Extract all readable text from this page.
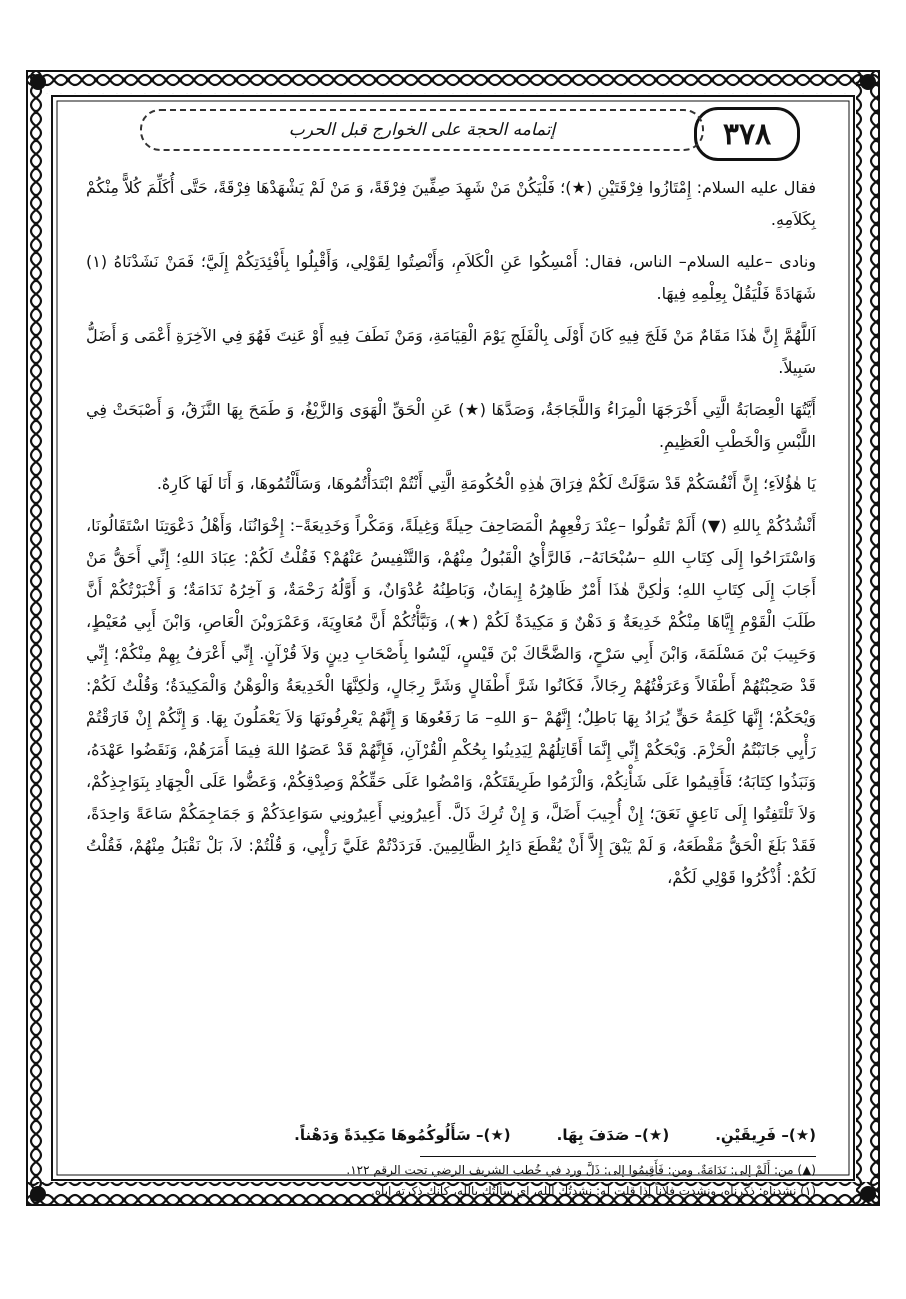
٣٧٨
إتمامه الحجة على الخوارج قبل الحرب

فقال عليه السلام: إِمْتَازُوا فِرْقَتَيْنِ (★)؛ فَلْيَكُنْ مَنْ شَهِدَ صِفِّينَ فِرْقَةً، وَ مَنْ لَمْ يَشْهَدْهَا فِرْقَةً، حَتَّى أُكَلِّمَ كُلاًّ مِنْكُمْ بِكَلاَمِهِ.

ونادى –عليه السلام– الناس، فقال: أَمْسِكُوا عَنِ الْكَلاَمِ، وَأَنْصِتُوا لِقَوْلِي، وَأَقْبِلُوا بِأَفْئِدَتِكُمْ إِلَيَّ؛ فَمَنْ نَشَدْنَاهُ (١) شَهَادَةً فَلْيَقُلْ بِعِلْمِهِ فِيهَا.

اَللَّهُمَّ إِنَّ هٰذَا مَقَامٌ مَنْ فَلَجَ فِيهِ كَانَ أَوْلَى بِالْفَلَجِ يَوْمَ الْقِيَامَةِ، وَمَنْ نَطَفَ فِيهِ أَوْ عَنِتَ فَهُوَ فِي الآخِرَةِ أَعْمَى وَ أَضَلُّ سَبِيلاً.

أَيَّتُهَا الْعِصَابَةُ الَّتِي أَخْرَجَهَا الْمِرَاءُ وَاللَّجَاجَةُ، وَصَدَّهَا (★) عَنِ الْحَقِّ الْهَوَى وَالزَّيْغُ، وَ طَمَحَ بِهَا النَّزَقُ، وَ أَصْبَحَتْ فِي اللَّبْسِ وَالْخَطْبِ الْعَظِيمِ.

يَا هٰؤُلاَءِ؛ إِنَّ أَنْفُسَكُمْ قَدْ سَوَّلَتْ لَكُمْ فِرَاقَ هٰذِهِ الْحُكُومَةِ الَّتِي أَنْتُمْ ابْتَدَأْتُمُوهَا، وَسَأَلْتُمُوهَا، وَ أَنَا لَهَا كَارِهٌ.

أَنْشُدُكُمْ بِاللهِ (▼) أَلَمْ تَقُولُوا –عِنْدَ رَفْعِهِمُ الْمَصَاحِفَ حِيلَةً وَغِيلَةً، وَمَكْراً وَخَدِيعَةً–: إِخْوَانُنَا، وَأَهْلُ دَعْوَتِنَا اسْتَقَالُونَا، وَاسْتَرَاحُوا إِلَى كِتَابِ اللهِ –سُبْحَانَهُ–، فَالرَّأْيُ الْقَبُولُ مِنْهُمْ، وَالتَّنْفِيسُ عَنْهُمْ؟ فَقُلْتُ لَكُمْ: عِبَادَ اللهِ؛ إِنِّي أَحَقُّ مَنْ أَجَابَ إِلَى كِتَابِ اللهِ؛ وَلٰكِنَّ هٰذَا أَمْرٌ ظَاهِرُهُ إِيمَانٌ، وَبَاطِنُهُ عُدْوَانٌ، وَ أَوَّلُهُ رَحْمَةٌ، وَ آخِرُهُ نَدَامَةٌ؛ وَ أَخْبَرْتُكُمْ أَنَّ طَلَبَ الْقَوْمِ إِيَّاهَا مِنْكُمْ خَدِيعَةٌ وَ دَهْنٌ وَ مَكِيدَةٌ لَكُمْ (★)، وَنَبَّأْتُكُمْ أَنَّ مُعَاوِيَةَ، وَعَمْرَوبْنَ الْعَاصِ، وَابْنَ أَبِي مُعَيْطٍ، وَحَبِيبَ بْنَ مَسْلَمَةَ، وَابْنَ أَبِي سَرْحٍ، وَالضَّحَّاكَ بْنَ قَيْسٍ، لَيْسُوا بِأَصْحَابِ دِينٍ وَلاَ قُرْآنٍ. إِنِّي أَعْرَفُ بِهِمْ مِنْكُمْ؛ إِنِّي قَدْ صَحِبْتُهُمْ أَطْفَالاً وَعَرَفْتُهُمْ رِجَالاً، فَكَانُوا شَرَّ أَطْفَالٍ وَشَرَّ رِجَالٍ، وَلٰكِنَّهَا الْخَدِيعَةُ وَالْوَهْنُ وَالْمَكِيدَةُ؛ وَقُلْتُ لَكُمْ: وَيْحَكُمْ؛ إِنَّهَا كَلِمَةُ حَقٍّ يُرَادُ بِهَا بَاطِلٌ؛ إِنَّهُمْ –وَ اللهِ– مَا رَفَعُوهَا وَ إِنَّهُمْ يَعْرِفُونَهَا وَلاَ يَعْمَلُونَ بِهَا. وَ إِنَّكُمْ إِنْ فَارَقْتُمْ رَأْيِي جَانَبْتُمُ الْحَزْمَ. وَيْحَكُمْ إِنِّي إِنَّمَا أَقَاتِلُهُمْ لِيَدِينُوا بِحُكْمِ الْقُرْآنِ، فَإِنَّهُمْ قَدْ عَصَوُا اللهَ فِيمَا أَمَرَهُمْ، وَنَقَضُوا عَهْدَهُ، وَنَبَذُوا كِتَابَهُ؛ فَأَقِيمُوا عَلَى شَأْنِكُمْ، وَالْزَمُوا طَرِيقَتَكُمْ، وَامْضُوا عَلَى حَقِّكُمْ وَصِدْقِكُمْ، وَعَضُّوا عَلَى الْجِهَادِ بِنَوَاجِذِكُمْ، وَلاَ تَلْتَفِتُوا إِلَى نَاعِقٍ نَعَقَ؛ إِنْ أُجِيبَ أَضَلَّ، وَ إِنْ تُرِكَ ذَلَّ. أَعِيرُونِي أَعِيرُونِي سَوَاعِدَكُمْ وَ جَمَاجِمَكُمْ سَاعَةً وَاحِدَةً، فَقَدْ بَلَغَ الْحَقُّ مَقْطَعَهُ، وَ لَمْ يَبْقَ إِلاَّ أَنْ يُقْطَعَ دَابِرُ الظَّالِمِينَ. فَرَدَدْتُمْ عَلَيَّ رَأْيِي، وَ قُلْتُمْ: لاَ، بَلْ نَقْبَلُ مِنْهُمْ، فَقُلْتُ لَكُمْ: أُذْكُرُوا قَوْلِي لَكُمْ،

(★)– فَرِيقَيْنِ.
(★)– صَدَفَ بِهَا.
(★)– سَأَلُوكُمُوهَا مَكِيدَةً وَدَهْناً.
(▲) من: أَلَمْ إلى: نَدَامَةٌ. ومن: فَأَقِيمُوا إلى: ذَلَّ ورد في خُطب الشريف الرضي تحت الرقم ١٢٢.
(١) نشدناه: ذكّرناه، ونشدت فلاناً إذا قلت له: نشدتُك الله، اي سألتُك بالله، كانك ذكّرته إياه.
